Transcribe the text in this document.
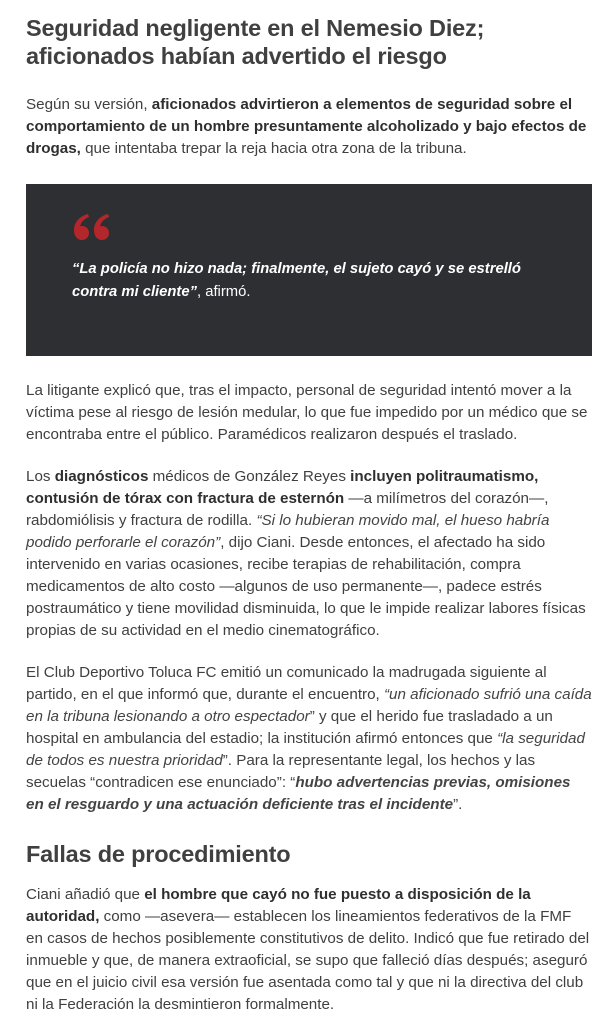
Seguridad negligente en el Nemesio Diez; aficionados habían advertido el riesgo

Según su versión, aficionados advirtieron a elementos de seguridad sobre el comportamiento de un hombre presuntamente alcoholizado y bajo efectos de drogas, que intentaba trepar la reja hacia otra zona de la tribuna.

“La policía no hizo nada; finalmente, el sujeto cayó y se estrelló contra mi cliente”, afirmó.

La litigante explicó que, tras el impacto, personal de seguridad intentó mover a la víctima pese al riesgo de lesión medular, lo que fue impedido por un médico que se encontraba entre el público. Paramédicos realizaron después el traslado.

Los diagnósticos médicos de González Reyes incluyen politraumatismo, contusión de tórax con fractura de esternón —a milímetros del corazón—, rabdomiólisis y fractura de rodilla. “Si lo hubieran movido mal, el hueso habría podido perforarle el corazón”, dijo Ciani. Desde entonces, el afectado ha sido intervenido en varias ocasiones, recibe terapias de rehabilitación, compra medicamentos de alto costo —algunos de uso permanente—, padece estrés postraumático y tiene movilidad disminuida, lo que le impide realizar labores físicas propias de su actividad en el medio cinematográfico.

El Club Deportivo Toluca FC emitió un comunicado la madrugada siguiente al partido, en el que informó que, durante el encuentro, “un aficionado sufrió una caída en la tribuna lesionando a otro espectador” y que el herido fue trasladado a un hospital en ambulancia del estadio; la institución afirmó entonces que “la seguridad de todos es nuestra prioridad”. Para la representante legal, los hechos y las secuelas “contradicen ese enunciado”: “hubo advertencias previas, omisiones en el resguardo y una actuación deficiente tras el incidente”.

Fallas de procedimiento

Ciani añadió que el hombre que cayó no fue puesto a disposición de la autoridad, como —asevera— establecen los lineamientos federativos de la FMF en casos de hechos posiblemente constitutivos de delito. Indicó que fue retirado del inmueble y que, de manera extraoficial, se supo que falleció días después; aseguró que en el juicio civil esa versión fue asentada como tal y que ni la directiva del club ni la Federación la desmintieron formalmente.
